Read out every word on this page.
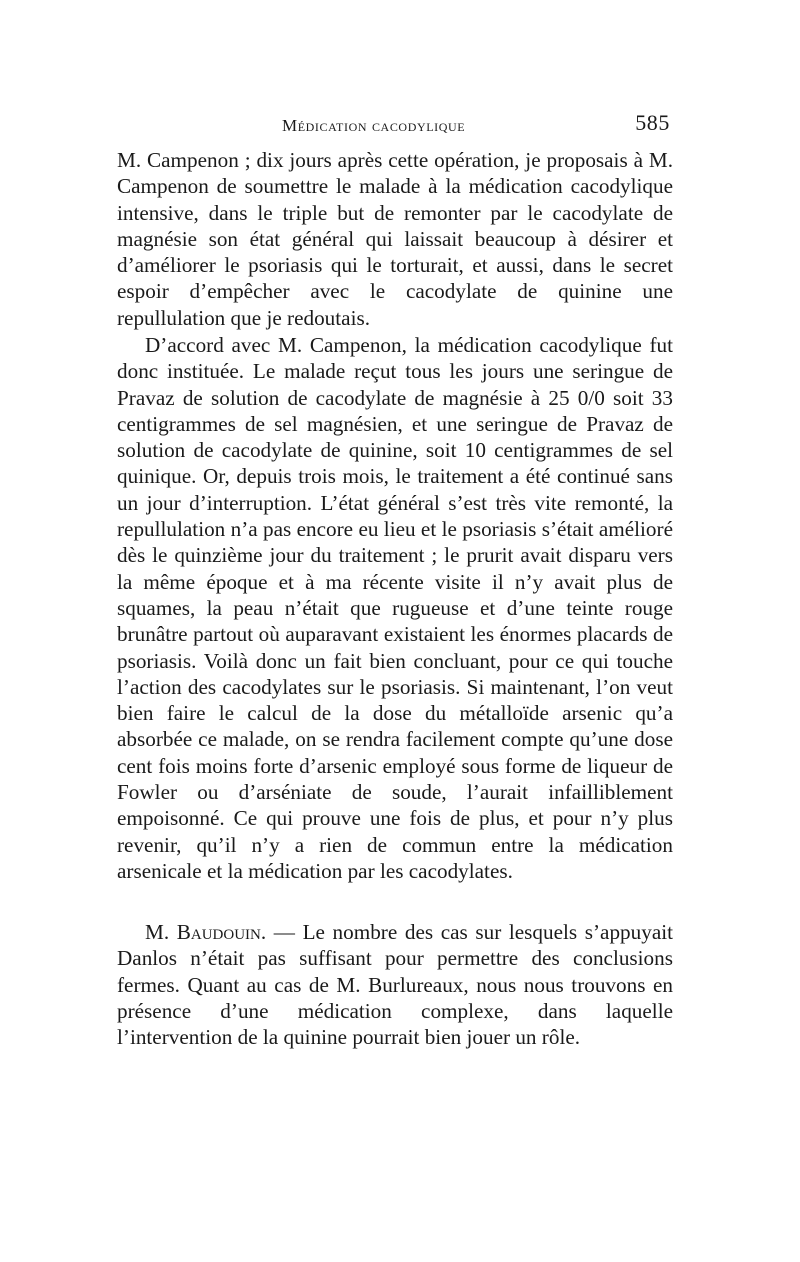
Médication cacodylique	585

M. Campenon ; dix jours après cette opération, je proposais à M. Campenon de soumettre le malade à la médication cacodylique intensive, dans le triple but de remonter par le cacodylate de magnésie son état général qui laissait beaucoup à désirer et d’améliorer le psoriasis qui le torturait, et aussi, dans le secret espoir d’empêcher avec le cacodylate de quinine une repullulation que je redoutais.

D’accord avec M. Campenon, la médication cacodylique fut donc instituée. Le malade reçut tous les jours une seringue de Pravaz de solution de cacodylate de magnésie à 25 0/0 soit 33 centigrammes de sel magnésien, et une seringue de Pravaz de solution de cacodylate de quinine, soit 10 centigrammes de sel quinique. Or, depuis trois mois, le traitement a été continué sans un jour d’interruption. L’état général s’est très vite remonté, la repullulation n’a pas encore eu lieu et le psoriasis s’était amélioré dès le quinzième jour du traitement ; le prurit avait disparu vers la même époque et à ma récente visite il n’y avait plus de squames, la peau n’était que rugueuse et d’une teinte rouge brunâtre partout où auparavant existaient les énormes placards de psoriasis. Voilà donc un fait bien concluant, pour ce qui touche l’action des cacodylates sur le psoriasis. Si maintenant, l’on veut bien faire le calcul de la dose du métalloïde arsenic qu’a absorbée ce malade, on se rendra facilement compte qu’une dose cent fois moins forte d’arsenic employé sous forme de liqueur de Fowler ou d’arséniate de soude, l’aurait infailliblement empoisonné. Ce qui prouve une fois de plus, et pour n’y plus revenir, qu’il n’y a rien de commun entre la médication arsenicale et la médication par les cacodylates.

M. Baudouin. — Le nombre des cas sur lesquels s’appuyait Danlos n’était pas suffisant pour permettre des conclusions fermes. Quant au cas de M. Burlureaux, nous nous trouvons en présence d’une médication complexe, dans laquelle l’intervention de la quinine pourrait bien jouer un rôle.
